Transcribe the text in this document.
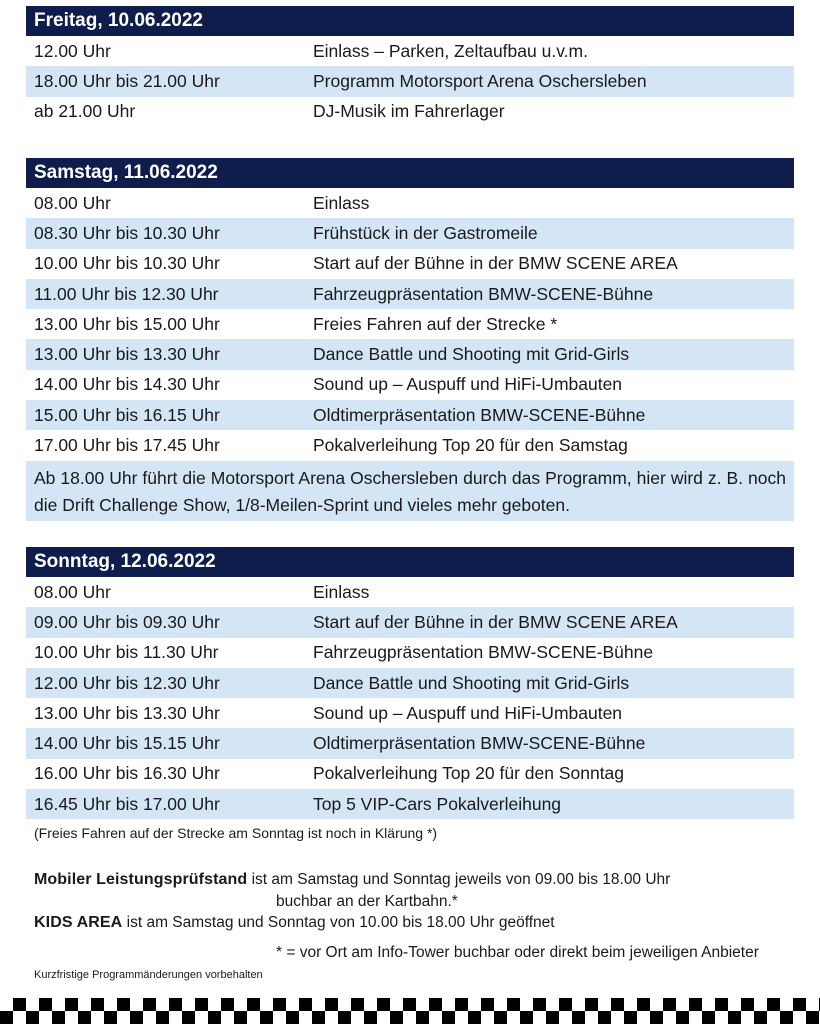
Freitag, 10.06.2022
12.00 Uhr	Einlass – Parken, Zeltaufbau u.v.m.
18.00 Uhr bis 21.00 Uhr	Programm Motorsport Arena Oschersleben
ab 21.00 Uhr	DJ-Musik im Fahrerlager
Samstag, 11.06.2022
08.00 Uhr	Einlass
08.30 Uhr bis 10.30 Uhr	Frühstück in der Gastromeile
10.00 Uhr bis 10.30 Uhr	Start auf der Bühne in der BMW SCENE AREA
11.00 Uhr bis 12.30 Uhr	Fahrzeugpräsentation BMW-SCENE-Bühne
13.00 Uhr bis 15.00 Uhr	Freies Fahren auf der Strecke *
13.00 Uhr bis 13.30 Uhr	Dance Battle und Shooting mit Grid-Girls
14.00 Uhr bis 14.30 Uhr	Sound up – Auspuff und HiFi-Umbauten
15.00 Uhr bis 16.15 Uhr	Oldtimerpräsentation BMW-SCENE-Bühne
17.00 Uhr bis 17.45 Uhr	Pokalverleihung Top 20 für den Samstag
Ab 18.00 Uhr führt die Motorsport Arena Oschersleben durch das Programm, hier wird z. B. noch die Drift Challenge Show, 1/8-Meilen-Sprint und vieles mehr geboten.
Sonntag, 12.06.2022
08.00 Uhr	Einlass
09.00 Uhr bis 09.30 Uhr	Start auf der Bühne in der BMW SCENE AREA
10.00 Uhr bis 11.30 Uhr	Fahrzeugpräsentation BMW-SCENE-Bühne
12.00 Uhr bis 12.30 Uhr	Dance Battle und Shooting mit Grid-Girls
13.00 Uhr bis 13.30 Uhr	Sound up – Auspuff und HiFi-Umbauten
14.00 Uhr bis 15.15 Uhr	Oldtimerpräsentation BMW-SCENE-Bühne
16.00 Uhr bis 16.30 Uhr	Pokalverleihung Top 20 für den Sonntag
16.45 Uhr bis 17.00 Uhr	Top 5 VIP-Cars Pokalverleihung
(Freies Fahren auf der Strecke am Sonntag ist noch in Klärung *)
Mobiler Leistungsprüfstand ist am Samstag und Sonntag jeweils von 09.00 bis 18.00 Uhr
buchbar an der Kartbahn.*
KIDS AREA ist am Samstag und Sonntag von 10.00 bis 18.00 Uhr geöffnet
* = vor Ort am Info-Tower buchbar oder direkt beim jeweiligen Anbieter
Kurzfristige Programmänderungen vorbehalten
